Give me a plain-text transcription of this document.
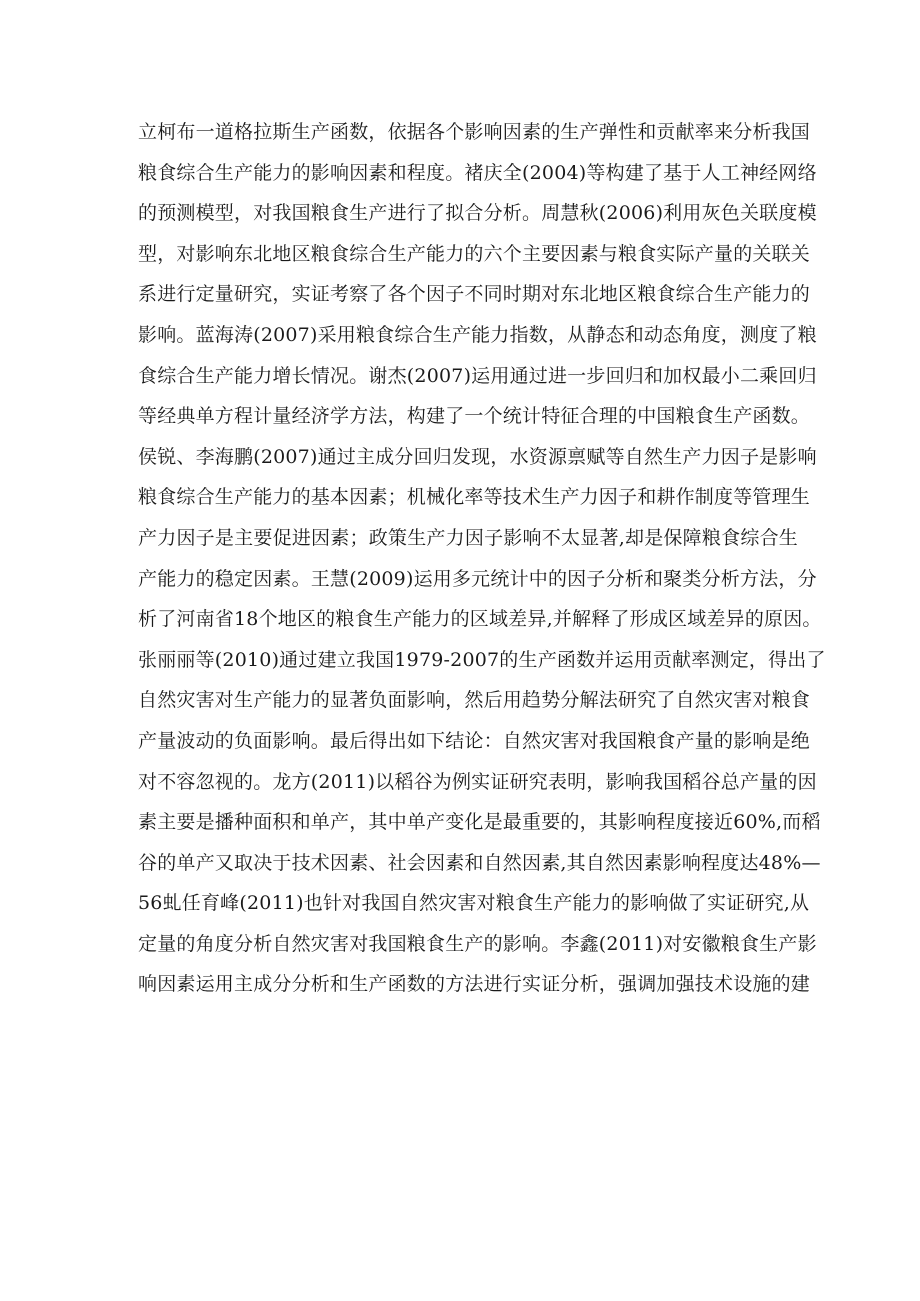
立柯布一道格拉斯生产函数，依据各个影响因素的生产弹性和贡献率来分析我国
粮食综合生产能力的影响因素和程度。褚庆全(2004)等构建了基于人工神经网络
的预测模型，对我国粮食生产进行了拟合分析。周慧秋(2006)利用灰色关联度模
型，对影响东北地区粮食综合生产能力的六个主要因素与粮食实际产量的关联关
系进行定量研究，实证考察了各个因子不同时期对东北地区粮食综合生产能力的
影响。蓝海涛(2007)采用粮食综合生产能力指数，从静态和动态角度，测度了粮
食综合生产能力增长情况。谢杰(2007)运用通过进一步回归和加权最小二乘回归
等经典单方程计量经济学方法，构建了一个统计特征合理的中国粮食生产函数。
侯锐、李海鹏(2007)通过主成分回归发现，水资源禀赋等自然生产力因子是影响
粮食综合生产能力的基本因素；机械化率等技术生产力因子和耕作制度等管理生
产力因子是主要促进因素；政策生产力因子影响不太显著,却是保障粮食综合生
产能力的稳定因素。王慧(2009)运用多元统计中的因子分析和聚类分析方法，分
析了河南省18个地区的粮食生产能力的区域差异,并解释了形成区域差异的原因。
张丽丽等(2010)通过建立我国1979-2007的生产函数并运用贡献率测定，得出了
自然灾害对生产能力的显著负面影响，然后用趋势分解法研究了自然灾害对粮食
产量波动的负面影响。最后得出如下结论：自然灾害对我国粮食产量的影响是绝
对不容忽视的。龙方(2011)以稻谷为例实证研究表明，影响我国稻谷总产量的因
素主要是播种面积和单产，其中单产变化是最重要的，其影响程度接近60%,而稻
谷的单产又取决于技术因素、社会因素和自然因素,其自然因素影响程度达48%—
56虬任育峰(2011)也针对我国自然灾害对粮食生产能力的影响做了实证研究,从
定量的角度分析自然灾害对我国粮食生产的影响。李鑫(2011)对安徽粮食生产影
响因素运用主成分分析和生产函数的方法进行实证分析，强调加强技术设施的建
